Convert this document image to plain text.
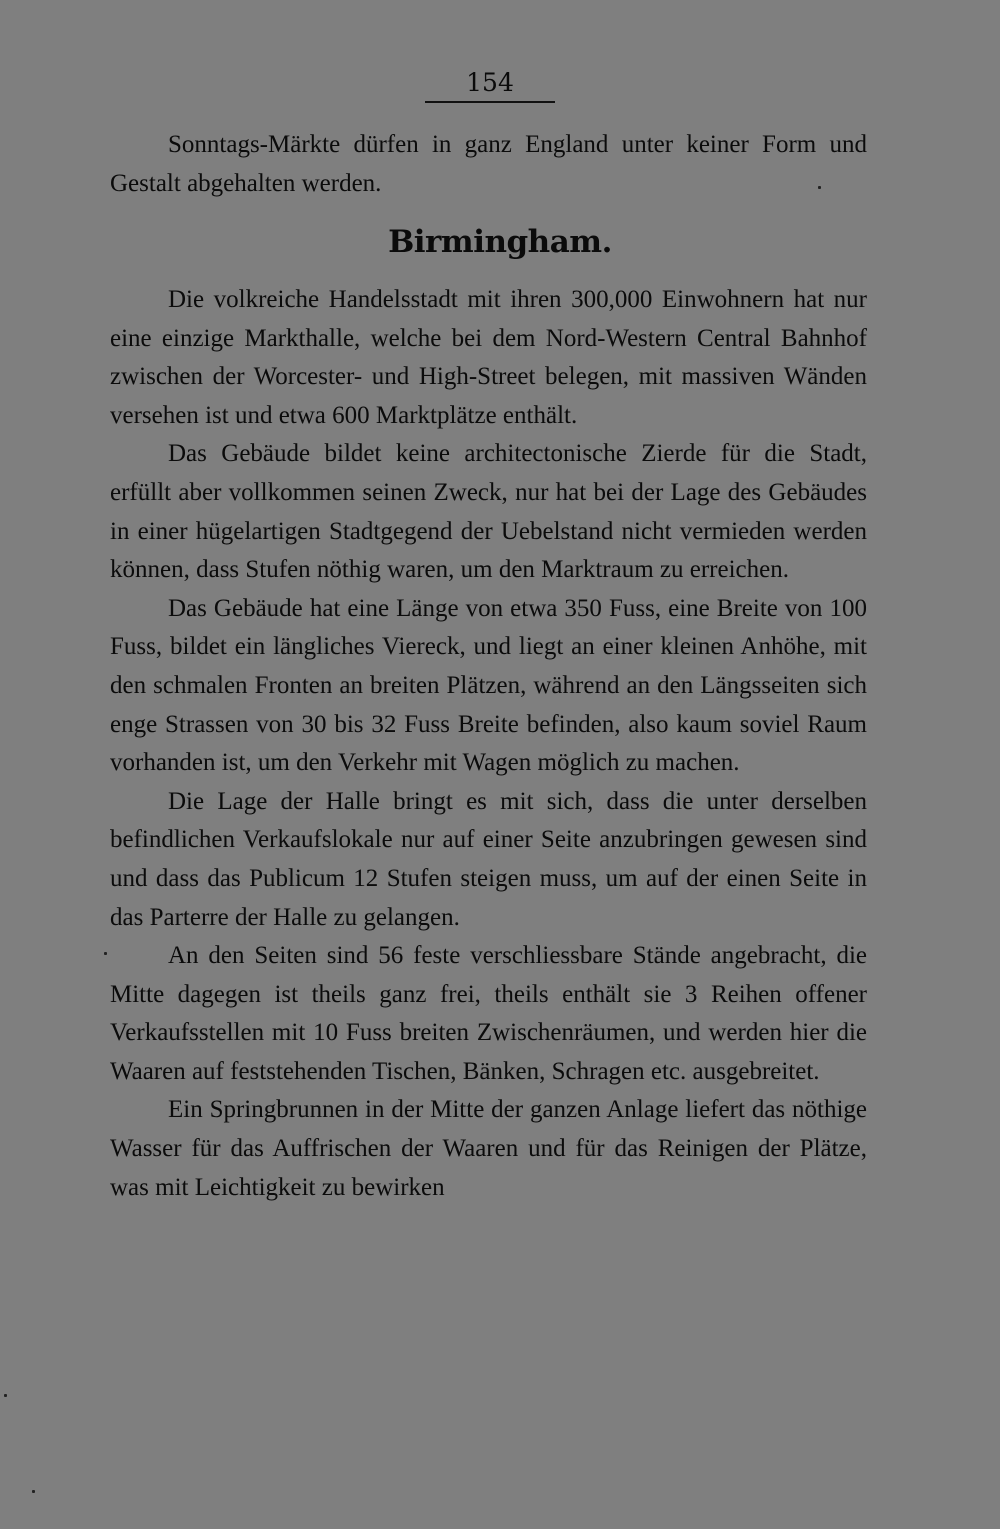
154

Sonntags-Märkte dürfen in ganz England unter keiner Form und Gestalt abgehalten werden.

Birmingham.

Die volkreiche Handelsstadt mit ihren 300,000 Einwohnern hat nur eine einzige Markthalle, welche bei dem Nord-Western Central Bahnhof zwischen der Worcester- und High-Street belegen, mit massiven Wänden versehen ist und etwa 600 Marktplätze enthält.

Das Gebäude bildet keine architectonische Zierde für die Stadt, erfüllt aber vollkommen seinen Zweck, nur hat bei der Lage des Gebäudes in einer hügelartigen Stadtgegend der Uebelstand nicht vermieden werden können, dass Stufen nöthig waren, um den Marktraum zu erreichen.

Das Gebäude hat eine Länge von etwa 350 Fuss, eine Breite von 100 Fuss, bildet ein längliches Viereck, und liegt an einer kleinen Anhöhe, mit den schmalen Fronten an breiten Plätzen, während an den Längsseiten sich enge Strassen von 30 bis 32 Fuss Breite befinden, also kaum soviel Raum vorhanden ist, um den Verkehr mit Wagen möglich zu machen.

Die Lage der Halle bringt es mit sich, dass die unter derselben befindlichen Verkaufslokale nur auf einer Seite anzubringen gewesen sind und dass das Publicum 12 Stufen steigen muss, um auf der einen Seite in das Parterre der Halle zu gelangen.

An den Seiten sind 56 feste verschliessbare Stände angebracht, die Mitte dagegen ist theils ganz frei, theils enthält sie 3 Reihen offener Verkaufsstellen mit 10 Fuss breiten Zwischenräumen, und werden hier die Waaren auf feststehenden Tischen, Bänken, Schragen etc. ausgebreitet.

Ein Springbrunnen in der Mitte der ganzen Anlage liefert das nöthige Wasser für das Auffrischen der Waaren und für das Reinigen der Plätze, was mit Leichtigkeit zu bewirken
